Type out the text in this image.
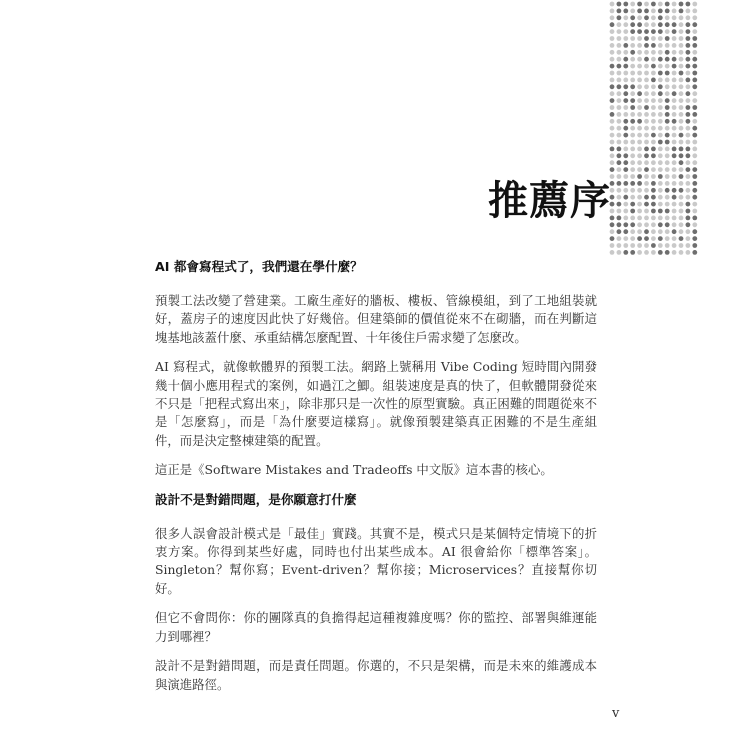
推薦序
AI 都會寫程式了，我們還在學什麼？

預製工法改變了營建業。工廠生產好的牆板、樓板、管線模組，到了工地組裝就好，蓋房子的速度因此快了好幾倍。但建築師的價值從來不在砌牆，而在判斷這塊基地該蓋什麼、承重結構怎麼配置、十年後住戶需求變了怎麼改。

AI 寫程式，就像軟體界的預製工法。網路上號稱用 Vibe Coding 短時間內開發幾十個小應用程式的案例，如過江之鯽。組裝速度是真的快了，但軟體開發從來不只是「把程式寫出來」，除非那只是一次性的原型實驗。真正困難的問題從來不是「怎麼寫」，而是「為什麼要這樣寫」。就像預製建築真正困難的不是生產組件，而是決定整棟建築的配置。

這正是《Software Mistakes and Tradeoffs 中文版》這本書的核心。

設計不是對錯問題，是你願意打什麼

很多人誤會設計模式是「最佳」實踐。其實不是，模式只是某個特定情境下的折衷方案。你得到某些好處，同時也付出某些成本。AI 很會給你「標準答案」。Singleton？幫你寫；Event-driven？幫你接；Microservices？直接幫你切好。

但它不會問你：你的團隊真的負擔得起這種複雜度嗎？你的監控、部署與維運能力到哪裡？

設計不是對錯問題，而是責任問題。你選的，不只是架構，而是未來的維護成本與演進路徑。

v
